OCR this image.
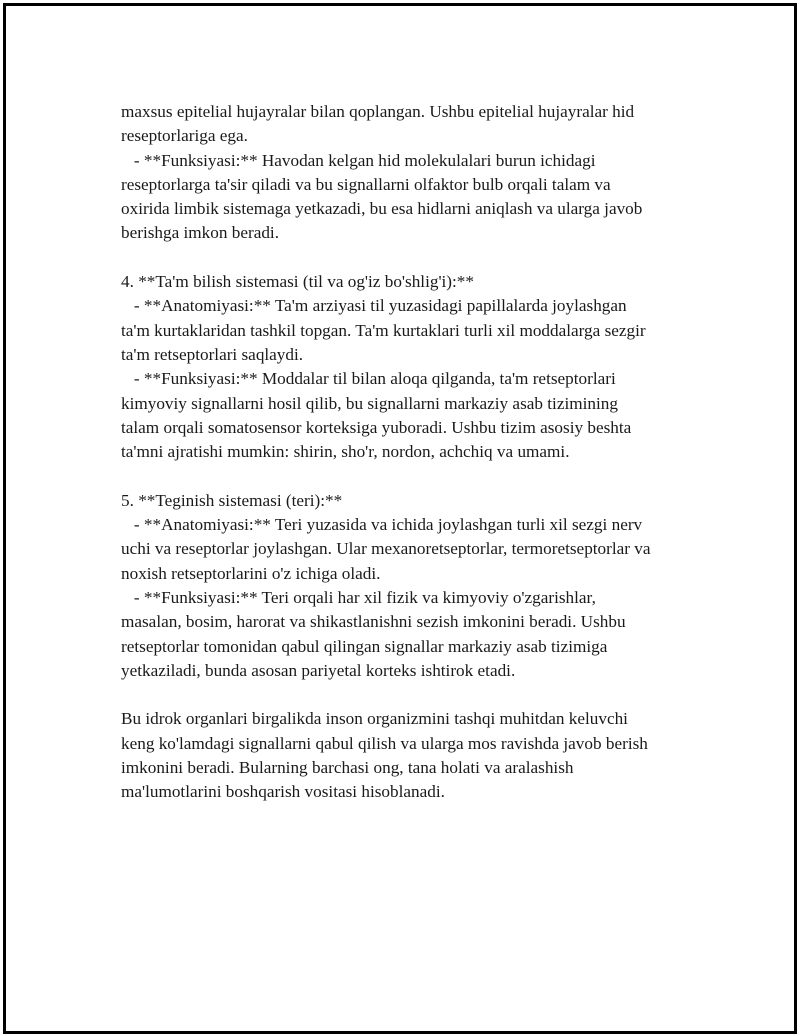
maxsus epitelial hujayralar bilan qoplangan. Ushbu epitelial hujayralar hid
reseptorlariga ega.
- **Funksiyasi:** Havodan kelgan hid molekulalari burun ichidagi
reseptorlarga ta'sir qiladi va bu signallarni olfaktor bulb orqali talam va
oxirida limbik sistemaga yetkazadi, bu esa hidlarni aniqlash va ularga javob
berishga imkon beradi.
4. **Ta'm bilish sistemasi (til va og'iz bo'shlig'i):**
- **Anatomiyasi:** Ta'm arziyasi til yuzasidagi papillalarda joylashgan
ta'm kurtaklaridan tashkil topgan. Ta'm kurtaklari turli xil moddalarga sezgir
ta'm retseptorlari saqlaydi.
- **Funksiyasi:** Moddalar til bilan aloqa qilganda, ta'm retseptorlari
kimyoviy signallarni hosil qilib, bu signallarni markaziy asab tizimining
talam orqali somatosensor korteksiga yuboradi. Ushbu tizim asosiy beshta
ta'mni ajratishi mumkin: shirin, sho'r, nordon, achchiq va umami.
5. **Teginish sistemasi (teri):**
- **Anatomiyasi:** Teri yuzasida va ichida joylashgan turli xil sezgi nerv
uchi va reseptorlar joylashgan. Ular mexanoretseptorlar, termoretseptorlar va
noxish retseptorlarini o'z ichiga oladi.
- **Funksiyasi:** Teri orqali har xil fizik va kimyoviy o'zgarishlar,
masalan, bosim, harorat va shikastlanishni sezish imkonini beradi. Ushbu
retseptorlar tomonidan qabul qilingan signallar markaziy asab tizimiga
yetkaziladi, bunda asosan pariyetal korteks ishtirok etadi.
Bu idrok organlari birgalikda inson organizmini tashqi muhitdan keluvchi
keng ko'lamdagi signallarni qabul qilish va ularga mos ravishda javob berish
imkonini beradi. Bularning barchasi ong, tana holati va aralashish
ma'lumotlarini boshqarish vositasi hisoblanadi.
